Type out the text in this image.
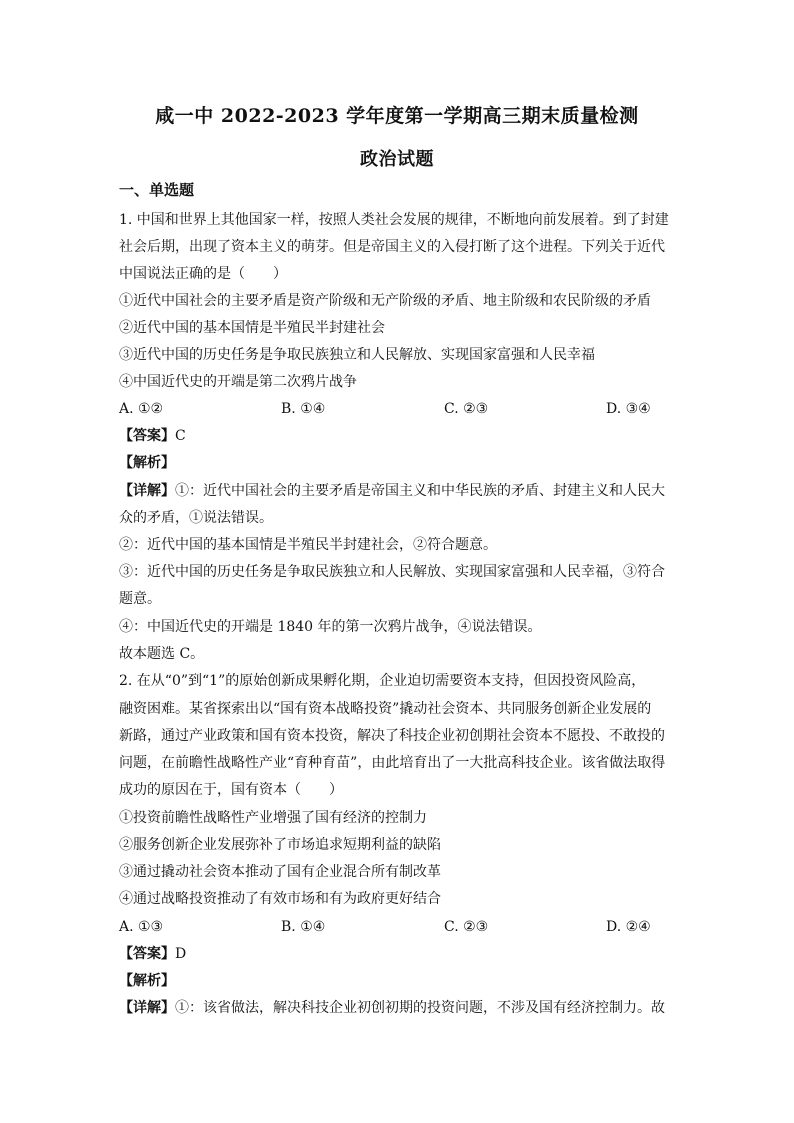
咸一中 2022-2023 学年度第一学期高三期末质量检测
政治试题
一、单选题
1. 中国和世界上其他国家一样，按照人类社会发展的规律，不断地向前发展着。到了封建
社会后期，出现了资本主义的萌芽。但是帝国主义的入侵打断了这个进程。下列关于近代
中国说法正确的是（　　）
①近代中国社会的主要矛盾是资产阶级和无产阶级的矛盾、地主阶级和农民阶级的矛盾
②近代中国的基本国情是半殖民半封建社会
③近代中国的历史任务是争取民族独立和人民解放、实现国家富强和人民幸福
④中国近代史的开端是第二次鸦片战争
A. ①②	B. ①④	C. ②③	D. ③④
【答案】C
【解析】
【详解】①：近代中国社会的主要矛盾是帝国主义和中华民族的矛盾、封建主义和人民大
众的矛盾，①说法错误。
②：近代中国的基本国情是半殖民半封建社会，②符合题意。
③：近代中国的历史任务是争取民族独立和人民解放、实现国家富强和人民幸福，③符合
题意。
④：中国近代史的开端是 1840 年的第一次鸦片战争，④说法错误。
故本题选 C。
2. 在从“0”到“1”的原始创新成果孵化期，企业迫切需要资本支持，但因投资风险高，
融资困难。某省探索出以“国有资本战略投资”撬动社会资本、共同服务创新企业发展的
新路，通过产业政策和国有资本投资，解决了科技企业初创期社会资本不愿投、不敢投的
问题，在前瞻性战略性产业“育种育苗”，由此培育出了一大批高科技企业。该省做法取得
成功的原因在于，国有资本（　　）
①投资前瞻性战略性产业增强了国有经济的控制力
②服务创新企业发展弥补了市场追求短期利益的缺陷
③通过撬动社会资本推动了国有企业混合所有制改革
④通过战略投资推动了有效市场和有为政府更好结合
A. ①③	B. ①④	C. ②③	D. ②④
【答案】D
【解析】
【详解】①：该省做法，解决科技企业初创初期的投资问题，不涉及国有经济控制力。故
